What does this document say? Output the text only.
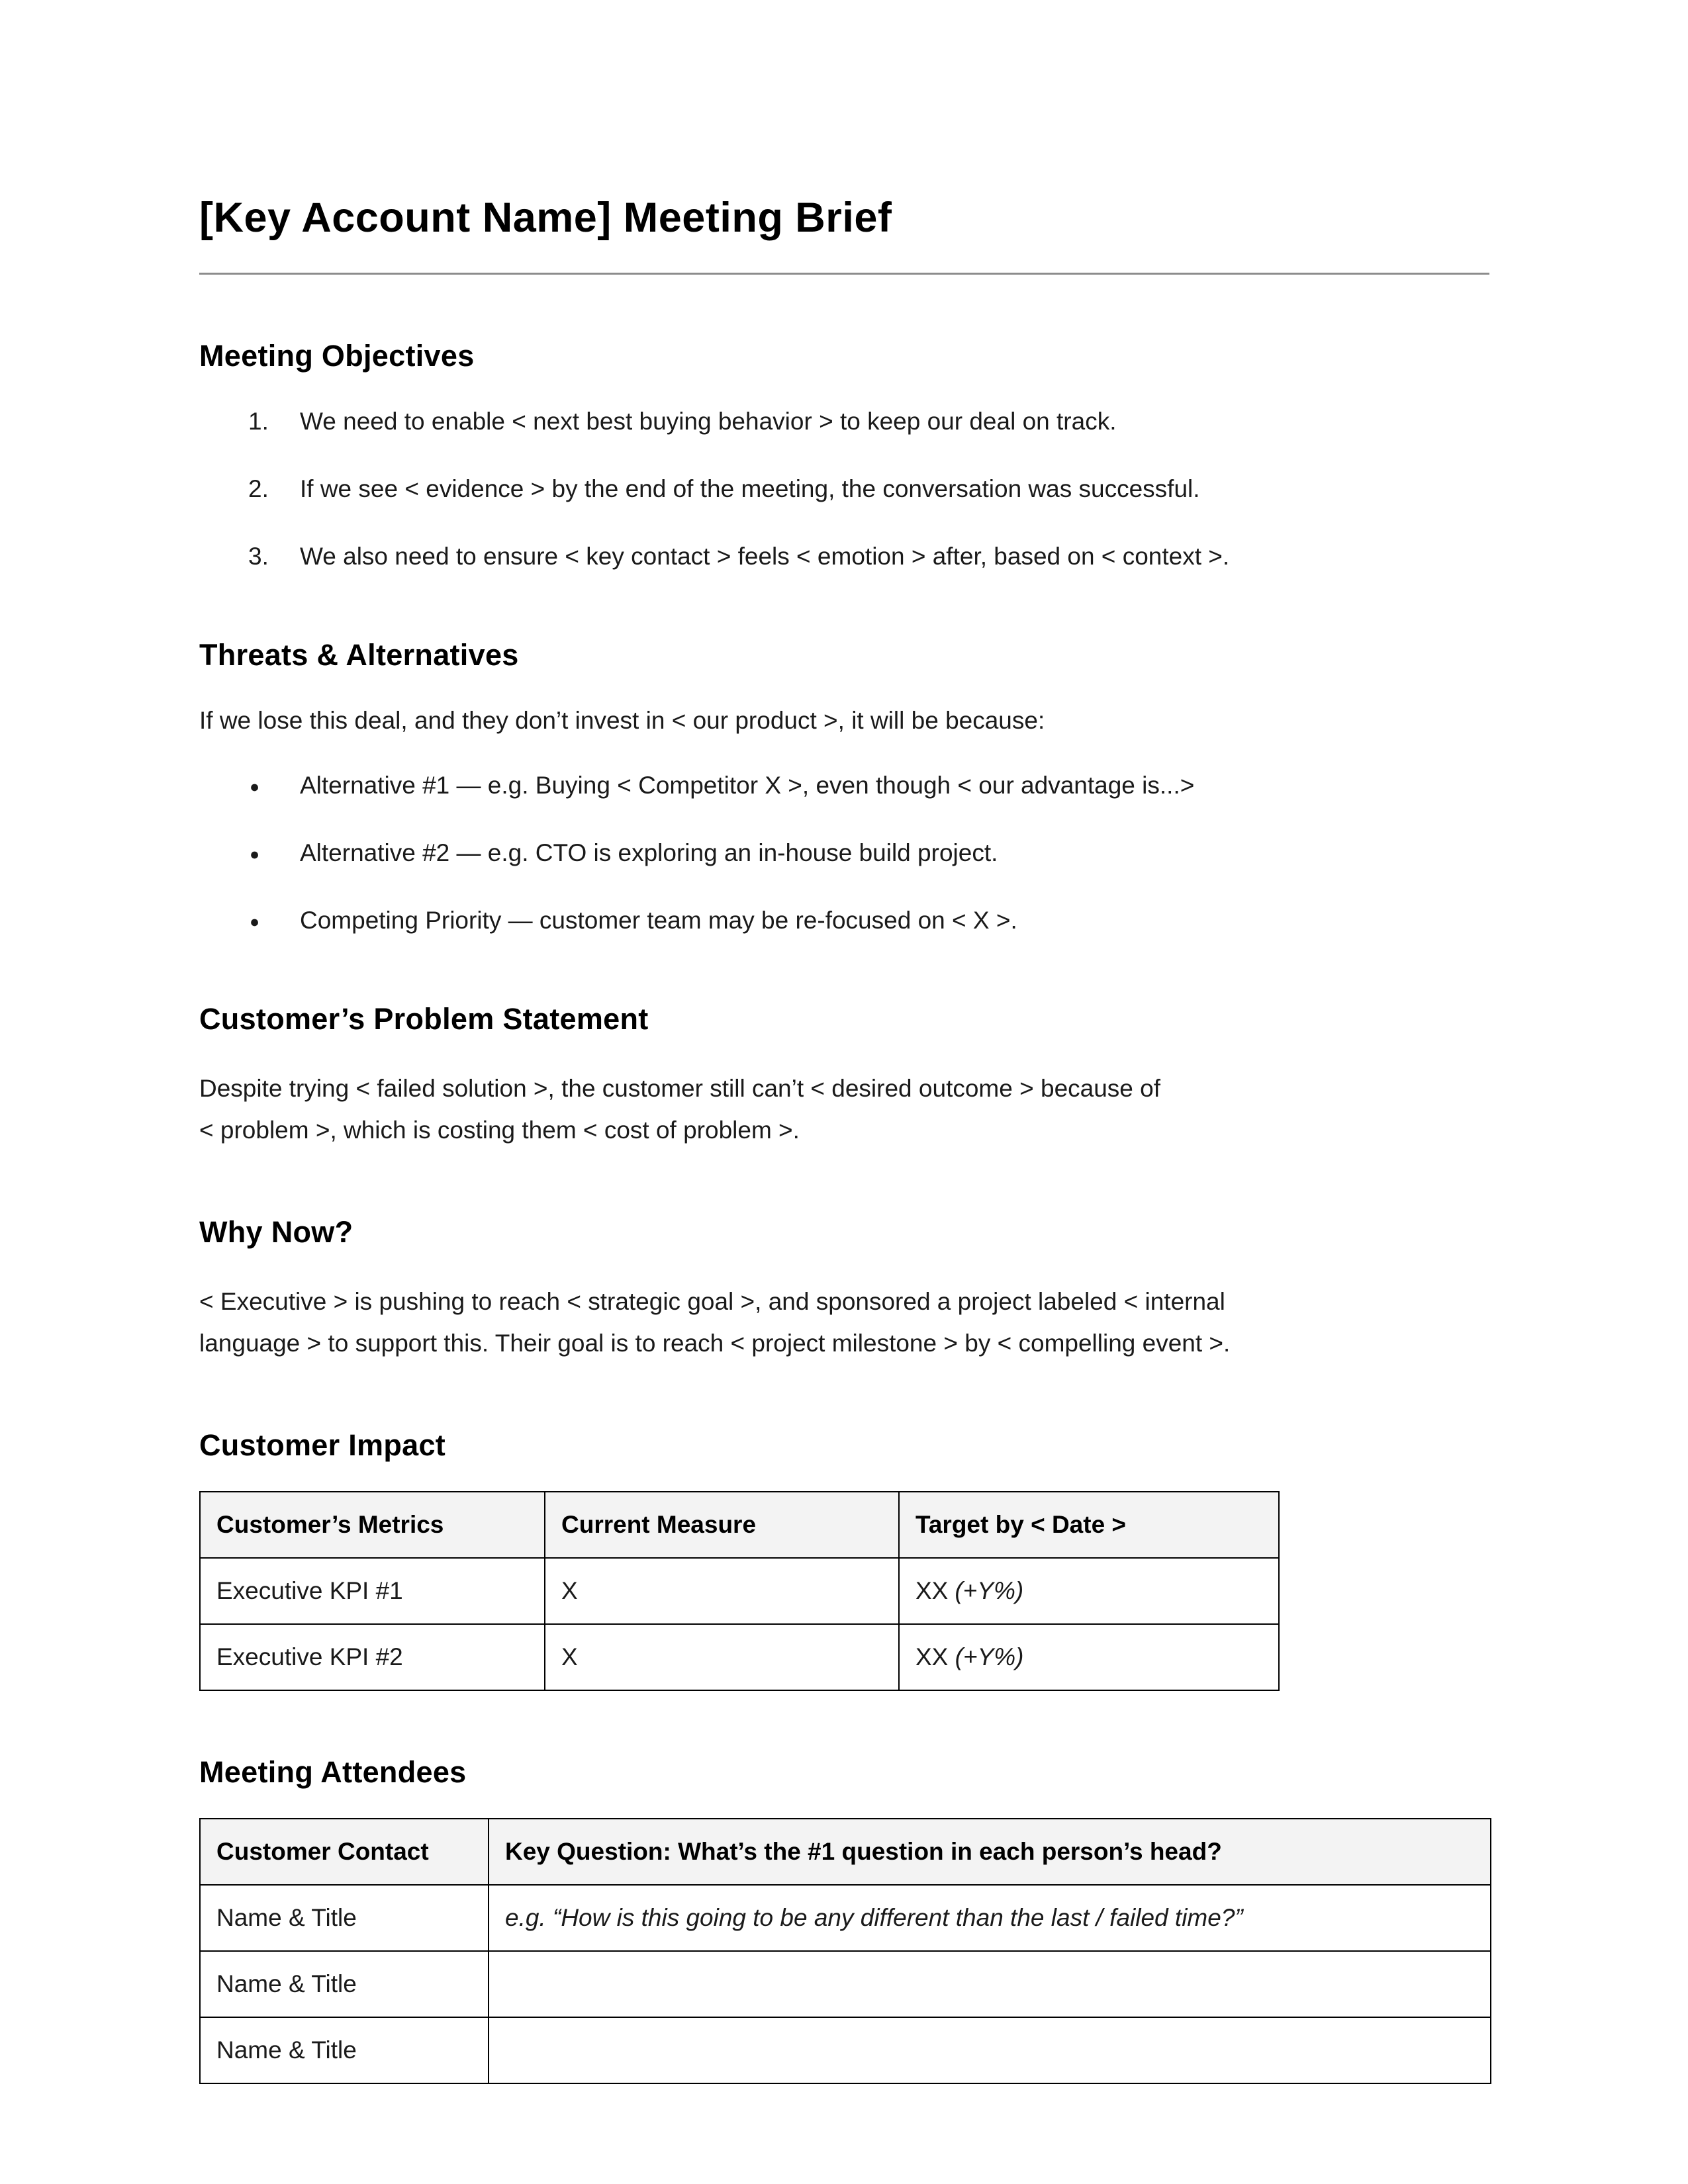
[Key Account Name] Meeting Brief
Meeting Objectives
We need to enable < next best buying behavior > to keep our deal on track.
If we see < evidence > by the end of the meeting, the conversation was successful.
We also need to ensure < key contact > feels < emotion > after, based on < context >.
Threats & Alternatives
If we lose this deal, and they don’t invest in < our product >, it will be because:
● Alternative #1 — e.g. Buying < Competitor X >, even though < our advantage is...>
● Alternative #2 — e.g. CTO is exploring an in-house build project.
● Competing Priority — customer team may be re-focused on < X >.
Customer’s Problem Statement
Despite trying < failed solution >, the customer still can’t < desired outcome > because of
< problem >, which is costing them < cost of problem >.
Why Now?
< Executive > is pushing to reach < strategic goal >, and sponsored a project labeled < internal
language > to support this. Their goal is to reach < project milestone > by < compelling event >.
Customer Impact
Customer’s Metrics	Current Measure	Target by < Date >
Executive KPI #1	X	XX (+Y%)
Executive KPI #2	X	XX (+Y%)
Meeting Attendees
Customer Contact	Key Question: What’s the #1 question in each person’s head?
Name & Title	e.g. “How is this going to be any different than the last / failed time?”
Name & Title	
Name & Title	
